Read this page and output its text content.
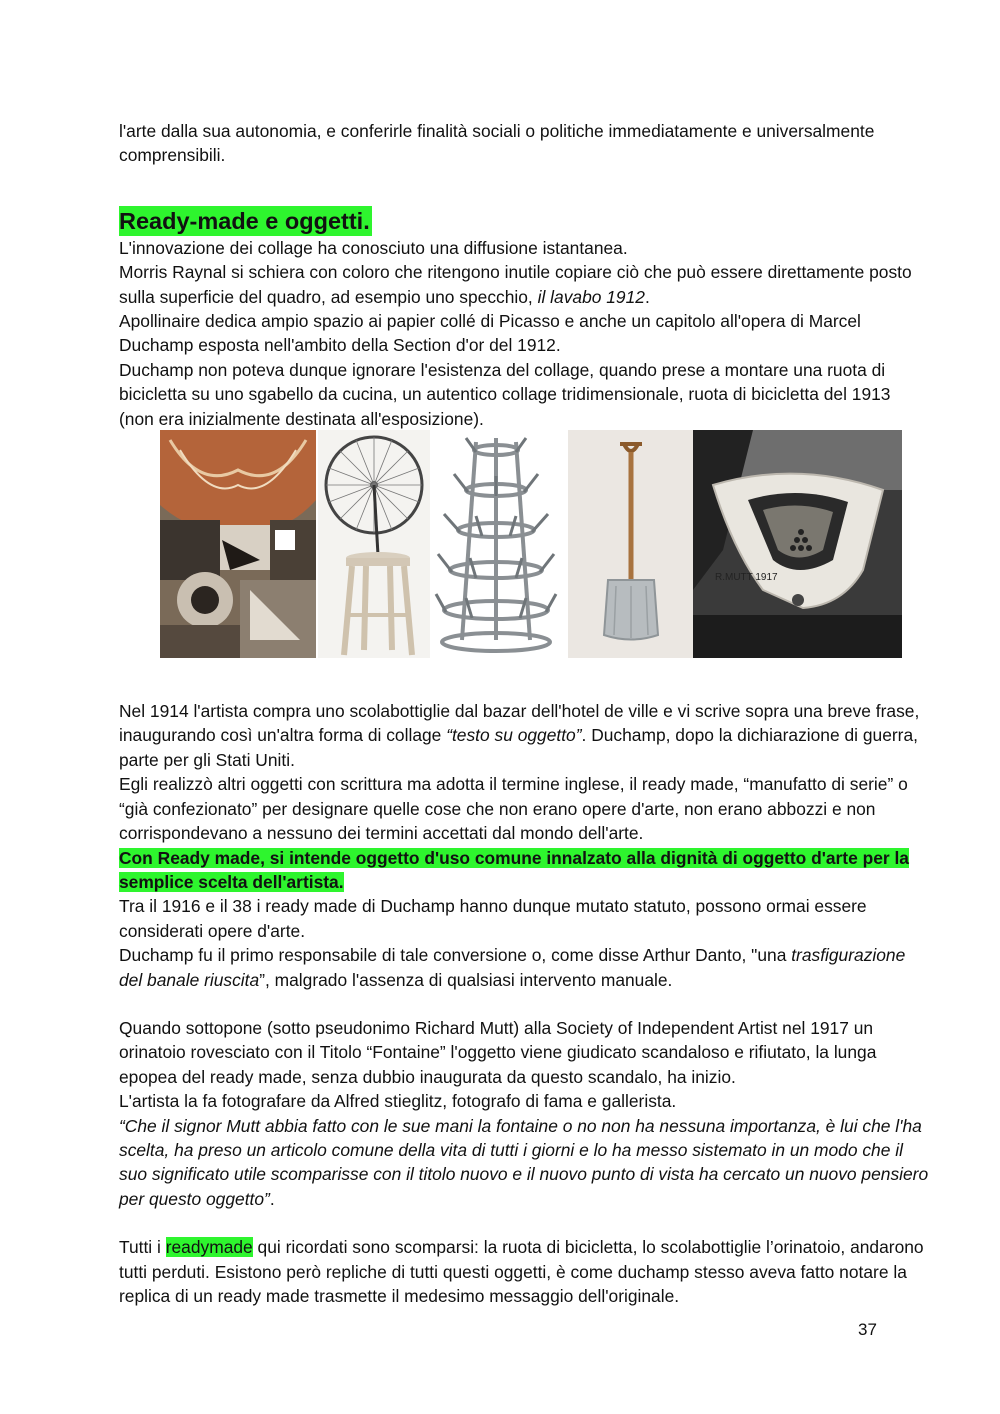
l'arte dalla sua autonomia, e conferirle finalità sociali o politiche immediatamente e universalmente comprensibili.

Ready-made e oggetti.

L'innovazione dei collage ha conosciuto una diffusione istantanea.

Morris Raynal si schiera con coloro che ritengono inutile copiare ciò che può essere direttamente posto sulla superficie del quadro, ad esempio uno specchio, il lavabo 1912.

Apollinaire dedica ampio spazio ai papier collé di Picasso e anche un capitolo all'opera di Marcel Duchamp esposta nell'ambito della Section d'or del 1912.

Duchamp non poteva dunque ignorare l'esistenza del collage, quando prese a montare una ruota di bicicletta su uno sgabello da cucina, un autentico collage tridimensionale, ruota di bicicletta del 1913 (non era inizialmente destinata all'esposizione).

Nel 1914 l'artista compra uno scolabottiglie dal bazar dell'hotel de ville e vi scrive sopra una breve frase, inaugurando così un'altra forma di collage “testo su oggetto”. Duchamp, dopo la dichiarazione di guerra, parte per gli Stati Uniti.

Egli realizzò altri oggetti con scrittura ma adotta il termine inglese, il ready made, “manufatto di serie” o “già confezionato” per designare quelle cose che non erano opere d'arte, non erano abbozzi e non corrispondevano a nessuno dei termini accettati dal mondo dell'arte.

Con Ready made, si intende oggetto d'uso comune innalzato alla dignità di oggetto d'arte per la semplice scelta dell'artista.

Tra il 1916 e il 38 i ready made di Duchamp hanno dunque mutato statuto, possono ormai essere considerati opere d'arte.

Duchamp fu il primo responsabile di tale conversione o, come disse Arthur Danto, "una trasfigurazione del banale riuscita”, malgrado l'assenza di qualsiasi intervento manuale.

Quando sottopone (sotto pseudonimo Richard Mutt) alla Society of Independent Artist nel 1917 un orinatoio rovesciato con il Titolo “Fontaine” l'oggetto viene giudicato scandaloso e rifiutato, la lunga epopea del ready made, senza dubbio inaugurata da questo scandalo, ha inizio.

L'artista la fa fotografare da Alfred stieglitz, fotografo di fama e gallerista.

“Che il signor Mutt abbia fatto con le sue mani la fontaine o no non ha nessuna importanza, è lui che l'ha scelta, ha preso un articolo comune della vita di tutti i giorni e lo ha messo sistemato in un modo che il suo significato utile scomparisse con il titolo nuovo e il nuovo punto di vista ha cercato un nuovo pensiero per questo oggetto”.

Tutti i readymade qui ricordati sono scomparsi: la ruota di bicicletta, lo scolabottiglie l’orinatoio, andarono tutti perduti. Esistono però repliche di tutti questi oggetti, è come duchamp stesso aveva fatto notare la replica di un ready made trasmette il medesimo messaggio dell'originale.

R.MUTT 1917
37
